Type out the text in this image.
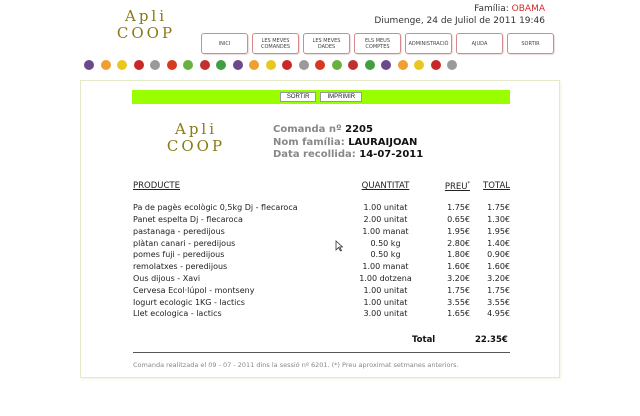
Apli
COOP
Família: OBAMA
Diumenge, 24 de Juliol de 2011 19:46
INICI	LES MEVES COMANDES
LES MEVES DADES
ELS MEUS COMPTES	ADMINISTRACIÓ	AJUDA	SORTIR
SORTIR	IMPRIMIR
Apli
COOP
Comanda nº 2205
Nom família: LAURAIJOAN
Data recollida: 14-07-2011
PRODUCTE	QUANTITAT	PREU*	TOTAL
Pa de pagès ecològic 0,5kg Dj - flecaroca	1.00 unitat	1.75€	1.75€
Panet espelta Dj - flecaroca	2.00 unitat	0.65€	1.30€
pastanaga - peredijous	1.00 manat	1.95€	1.95€
plàtan canari - peredijous	0.50 kg	2.80€	1.40€
pomes fuji - peredijous	0.50 kg	1.80€	0.90€
remolatxes - peredijous	1.00 manat	1.60€	1.60€
Ous dijous - Xavi	1.00 dotzena	3.20€	3.20€
Cervesa Ecol·lúpol - montseny	1.00 unitat	1.75€	1.75€
Iogurt ecologic 1KG - lactics	1.00 unitat	3.55€	3.55€
Llet ecologica - lactics	3.00 unitat	1.65€	4.95€
Total	22.35€
Comanda realitzada el 09 - 07 - 2011 dins la sessió nº 6201. (*) Preu aproximat setmanes anteriors.
